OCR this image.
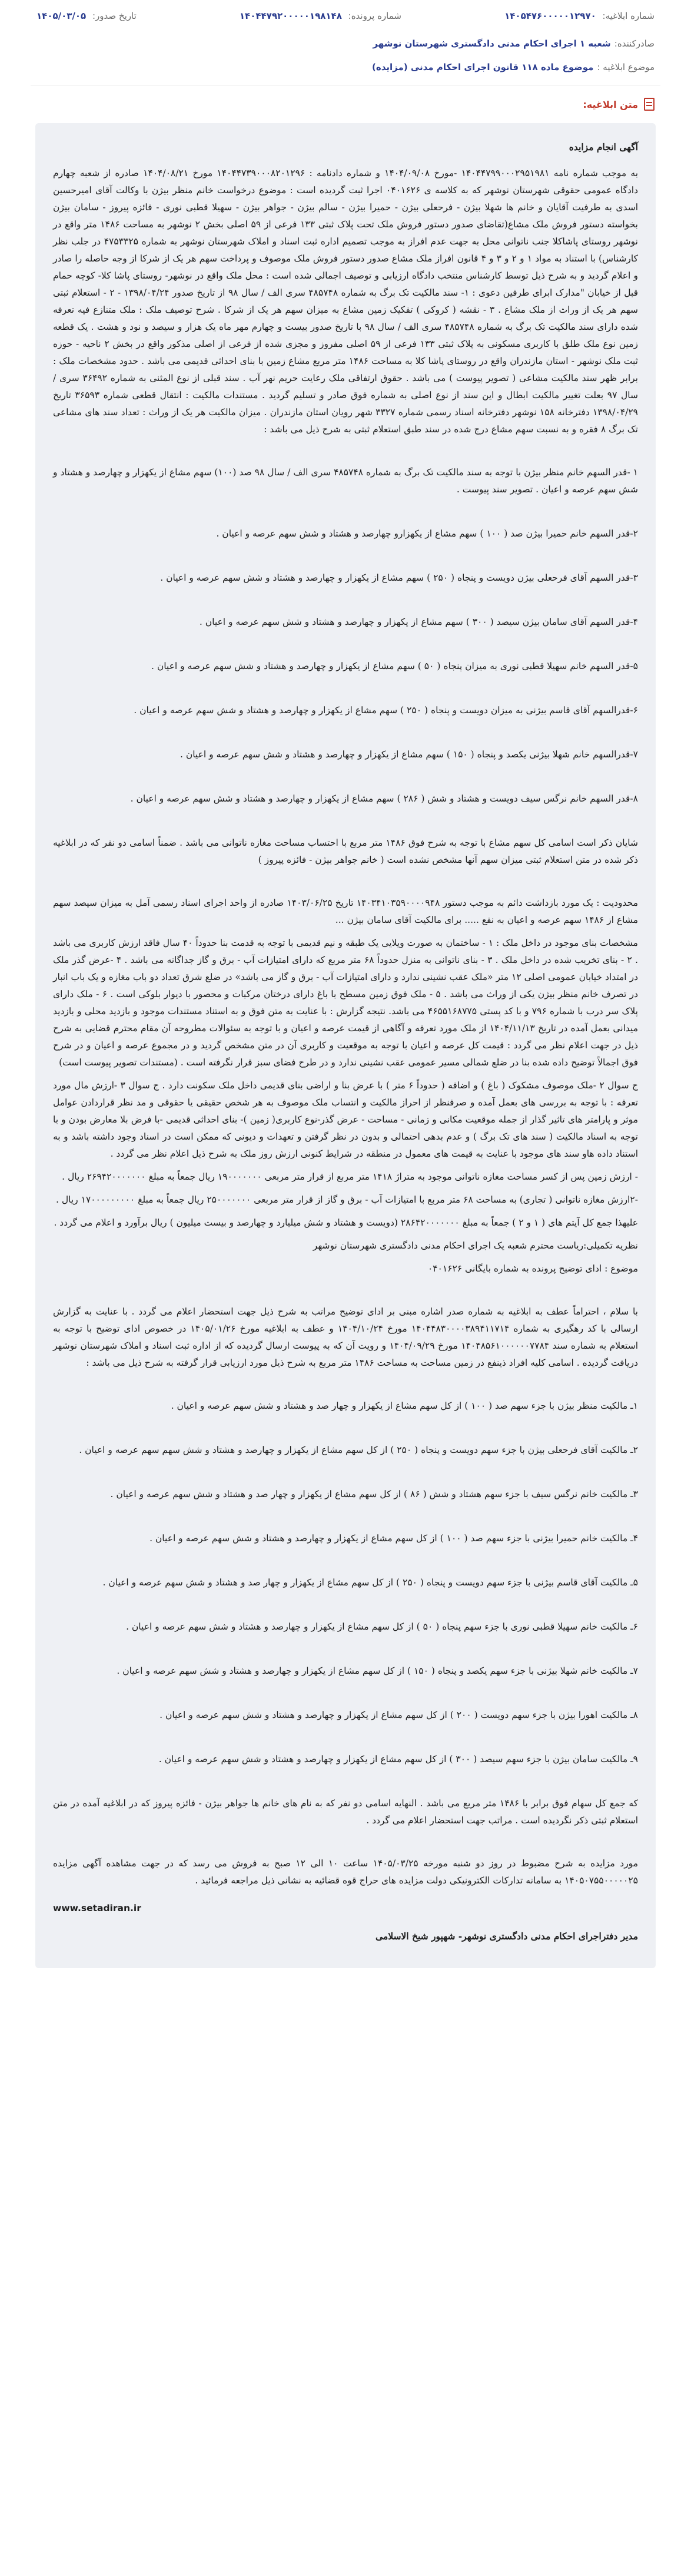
شماره ابلاغیه: ۱۴۰۵۴۷۶۰۰۰۰۰۱۲۹۷۰
شماره پرونده: ۱۴۰۴۴۷۹۲۰۰۰۰۰۱۹۸۱۴۸
تاریخ صدور: ۱۴۰۵/۰۳/۰۵
صادرکننده:
شعبه ۱ اجرای احکام مدنی دادگستری شهرستان نوشهر
موضوع ابلاغیه :
موضوع ماده ۱۱۸ قانون اجرای احکام مدنی (مزایده)
متن ابلاغیه:
آگهی انجام مزایده

به موجب شماره نامه ۱۴۰۴۴۷۹۹۰۰۰۲۹۵۱۹۸۱ -مورخ ۱۴۰۴/۰۹/۰۸ و شماره دادنامه : ۱۴۰۴۴۷۳۹۰۰۰۸۲۰۱۲۹۶ مورخ ۱۴۰۴/۰۸/۲۱ صادره از شعبه چهارم دادگاه عمومی حقوقی شهرستان نوشهر که به کلاسه ی ۰۴۰۱۶۲۶ اجرا ثبت گردیده است : موضوع درخواست خانم منظر بیژن با وکالت آقای امیرحسین اسدی به طرفیت آقایان و خانم ها شهلا بیژن - فرحعلی بیژن - حمیرا بیژن - سالم بیژن - جواهر بیژن - سهیلا قطبی نوری - فائزه پیروز - سامان بیژن بخواسته دستور فروش ملک مشاع(تقاضای صدور دستور فروش ملک تحت پلاک ثبتی ۱۳۳ فرعی از ۵۹ اصلی بخش ۲ نوشهر به مساحت ۱۴۸۶ متر واقع در نوشهر روستای پاشاکلا جنب ناتوانی محل به جهت عدم افراز به موجب تصمیم اداره ثبت اسناد و املاک شهرستان نوشهر به شماره ۴۷۵۳۳۲۵ در جلب نظر کارشناس) با استناد به مواد ۱ و ۲ و ۳ و ۴ قانون افراز ملک مشاع صدور دستور فروش ملک موصوف و پرداخت سهم هر یک از شرکا از وجه حاصله را صادر و اعلام گردید و به شرح ذیل توسط کارشناس منتخب دادگاه ارزیابی و توصیف اجمالی شده است : محل ملک واقع در نوشهر- روستای پاشا کلا- کوچه حمام قبل از خیابان "مدارک ابرای طرفین دعوی : ۱- سند مالکیت تک برگ به شماره ۴۸۵۷۴۸ سری الف / سال ۹۸ از تاریخ صدور ۱۳۹۸/۰۴/۲۴ - ۲ - استعلام ثبتی سهم هر یک از وراث از ملک مشاع . ۳ - نقشه ( کروکی ) تفکیک زمین مشاع به میزان سهم هر یک از شرکا . شرح توصیف ملک : ملک متنازع فیه تعرفه شده دارای سند مالکیت تک برگ به شماره ۴۸۵۷۴۸ سری الف / سال ۹۸ با تاریخ صدور بیست و چهارم مهر ماه یک هزار و سیصد و نود و هشت . یک قطعه زمین نوع ملک طلق با کاربری مسکونی به پلاک ثبتی ۱۳۳ فرعی از ۵۹ اصلی مفروز و مجزی شده از فرعی از اصلی مذکور واقع در بخش ۲ ناحیه - حوزه ثبت ملک نوشهر - استان مازندران واقع در روستای پاشا کلا به مساحت ۱۴۸۶ متر مربع مشاع زمین با بنای احداثی قدیمی می باشد . حدود مشخصات ملک : برابر ظهر سند مالکیت مشاعی ( تصویر پیوست ) می باشد . حقوق ارتفاقی ملک رعایت حریم نهر آب . سند قبلی از نوع المثنی به شماره ۳۶۴۹۲ سری / سال ۹۷ بعلت تغییر مالکیت ابطال و این سند از نوع اصلی به شماره فوق صادر و تسلیم گردید . مستندات مالکیت : انتقال قطعی شماره ۳۶۵۹۳ تاریخ ۱۳۹۸/۰۴/۲۹ دفترخانه ۱۵۸ نوشهر دفترخانه اسناد رسمی شماره ۳۳۲۷ شهر رویان استان مازندران . میزان مالکیت هر یک از وراث : تعداد سند های مشاعی تک برگ ۸ فقره و به نسبت سهم مشاع درج شده در سند طبق استعلام ثبتی به شرح ذیل می باشد :

۱ -قدر السهم خانم منظر بیژن با توجه به سند مالکیت تک برگ به شماره ۴۸۵۷۴۸ سری الف / سال ۹۸ صد (۱۰۰) سهم مشاع از یکهزار و چهارصد و هشتاد و شش سهم عرصه و اعیان . تصویر سند پیوست .

۲-قدر السهم خانم حمیرا بیژن صد ( ۱۰۰ ) سهم مشاع از یکهزارو چهارصد و هشتاد و شش سهم عرصه و اعیان .

۳-قدر السهم آقای فرحعلی بیژن دویست و پنجاه ( ۲۵۰ ) سهم مشاع از یکهزار و چهارصد و هشتاد و شش سهم عرصه و اعیان .

۴-قدر السهم آقای سامان بیژن سیصد ( ۳۰۰ ) سهم مشاع از یکهزار و چهارصد و هشتاد و شش سهم عرصه و اعیان .

۵-قدر السهم خانم سهیلا قطبی نوری به میزان پنجاه ( ۵۰ ) سهم مشاع از یکهزار و چهارصد و هشتاد و شش سهم عرصه و اعیان .

۶-قدرالسهم آقای قاسم بیژنی به میزان دویست و پنجاه ( ۲۵۰ ) سهم مشاع از یکهزار و چهارصد و هشتاد و شش سهم عرصه و اعیان .

۷-قدرالسهم خانم شهلا بیژنی یکصد و پنجاه ( ۱۵۰ ) سهم مشاع از یکهزار و چهارصد و هشتاد و شش سهم عرصه و اعیان .

۸-قدر السهم خانم نرگس سیف دویست و هشتاد و شش ( ۲۸۶ ) سهم مشاع از یکهزار و چهارصد و هشتاد و شش سهم عرصه و اعیان .

شایان ذکر است اسامی کل سهم مشاع با توجه به شرح فوق ۱۴۸۶ متر مربع با احتساب مساحت مغازه ناتوانی می باشد . ضمناً اسامی دو نفر که در ابلاغیه ذکر شده در متن استعلام ثبتی میزان سهم آنها مشخص نشده است ( خانم جواهر بیژن - فائزه پیروز )

محدودیت : یک مورد بازداشت دائم به موجب دستور ۱۴۰۳۴۱۰۳۵۹۰۰۰۰۹۴۸ تاریخ ۱۴۰۳/۰۶/۲۵ صادره از واحد اجرای اسناد رسمی آمل به میزان سیصد سهم مشاع از ۱۴۸۶ سهم عرصه و اعیان به نفع ..... برای مالکیت آقای سامان بیژن ...

مشخصات بنای موجود در داخل ملک : ۱ - ساختمان به صورت ویلایی یک طبقه و نیم قدیمی با توجه به قدمت بنا حدوداً ۴۰ سال فاقد ارزش کاربری می باشد . ۲ - بنای تخریب شده در داخل ملک . ۳ - بنای ناتوانی به منزل حدوداً ۶۸ متر مربع که دارای امتیازات آب - برق و گاز جداگانه می باشد . ۴ -عرض گذر ملک در امتداد خیابان عمومی اصلی ۱۲ متر «ملک عقب نشینی ندارد و دارای امتیازات آب - برق و گاز می باشد» در ضلع شرق تعداد دو باب مغازه و یک باب انبار در تصرف خانم منظر بیژن یکی از وراث می باشد . ۵ - ملک فوق زمین مسطح با باغ دارای درختان مرکبات و محصور با دیوار بلوکی است . ۶ - ملک دارای پلاک سر درب با شماره ۷۹۶ و با کد پستی ۴۶۵۵۱۶۸۷۷۵ می باشد. نتیجه گزارش : با عنایت به متن فوق و به استناد مستندات موجود و بازدید محلی و بازدید میدانی بعمل آمده در تاریخ ۱۴۰۴/۱۱/۱۳ از ملک مورد تعرفه و آگاهی از قیمت عرصه و اعیان و با توجه به سئوالات مطروحه آن مقام محترم قضایی به شرح ذیل در جهت اعلام نظر می گردد : قیمت کل عرصه و اعیان با توجه به موقعیت و کاربری آن در متن مشخص گردید و در مجموع عرصه و اعیان و در شرح فوق اجمالاً توضیح داده شده بنا در ضلع شمالی مسیر عمومی عقب نشینی ندارد و در طرح فضای سبز قرار نگرفته است . (مستندات تصویر پیوست است)

ج سوال ۲ -ملک موصوف مشکوک ( باغ ) و اضافه ( حدوداً ۶ متر ) با عرض بنا و اراضی بنای قدیمی داخل ملک سکونت دارد . ج سوال ۳ -ارزش مال مورد تعرفه : با توجه به بررسی های بعمل آمده و صرفنظر از احراز مالکیت و انتساب ملک موصوف به هر شخص حقیقی یا حقوقی و مد نظر قراردادن عوامل موثر و پارامتر های تاثیر گذار از جمله موقعیت مکانی و زمانی - مساحت - عرض گذر-نوع کاربری( زمین )- بنای احداثی قدیمی -با فرض بلا معارض بودن و با توجه به اسناد مالکیت ( سند های تک برگ ) و عدم بدهی احتمالی و بدون در نظر گرفتن و تعهدات و دیونی که ممکن است در اسناد وجود داشته باشد و به استناد داده هاو سند های موجود با عنایت به قیمت های معمول در منطقه در شرایط کنونی ارزش روز ملک به شرح ذیل اعلام نظر می گردد .

- ارزش زمین پس از کسر مساحت مغازه ناتوانی موجود به متراژ ۱۴۱۸ متر مربع از قرار متر مربعی ۱۹۰۰۰۰۰۰۰ ریال جمعاً به مبلغ ۲۶۹۴۲۰۰۰۰۰۰۰ ریال .

-۲ارزش مغازه ناتوانی ( تجاری) به مساحت ۶۸ متر مربع با امتیازات آب - برق و گاز از قرار متر مربعی ۲۵۰۰۰۰۰۰۰ ریال جمعاً به مبلغ ۱۷۰۰۰۰۰۰۰۰۰ ریال .

علیهذا جمع کل آیتم های ( ۱ و ۲ ) جمعاً به مبلغ ۲۸۶۴۲۰۰۰۰۰۰۰ (دویست و هشتاد و شش میلیارد و چهارصد و بیست میلیون ) ریال برآورد و اعلام می گردد .

نظریه تکمیلی:ریاست محترم شعبه یک اجرای احکام مدنی دادگستری شهرستان نوشهر

موضوع : ادای توضیح پرونده به شماره بایگانی ۰۴۰۱۶۲۶

با سلام ، احتراماً عطف به ابلاغیه به شماره صدر اشاره مبنی بر ادای توضیح مراتب به شرح ذیل جهت استحضار اعلام می گردد . با عنایت به گزارش ارسالی با کد رهگیری به شماره ۱۴۰۴۴۸۳۰۰۰۰۳۸۹۴۱۱۷۱۴ مورخ ۱۴۰۴/۱۰/۲۴ و عطف به ابلاغیه مورخ ۱۴۰۵/۰۱/۲۶ در خصوص ادای توضیح با توجه به استعلام به شماره سند ۱۴۰۴۸۵۶۱۰۰۰۰۰۰۷۷۸۴ مورخ ۱۴۰۴/۰۹/۲۹ و رویت آن که به پیوست ارسال گردیده که از اداره ثبت اسناد و املاک شهرستان نوشهر دریافت گردیده . اسامی کلیه افراد ذینفع در زمین مساحت به مساحت ۱۴۸۶ متر مربع به شرح ذیل مورد ارزیابی قرار گرفته به شرح ذیل می باشد :

۱ـ مالکیت منظر بیژن با جزء سهم صد ( ۱۰۰ ) از کل سهم مشاع از یکهزار و چهار صد و هشتاد و شش سهم عرصه و اعیان .

۲ـ مالکیت آقای فرحعلی بیژن با جزء سهم دویست و پنجاه ( ۲۵۰ ) از کل سهم مشاع از یکهزار و چهارصد و هشتاد و شش سهم سهم عرصه و اعیان .

۳ـ مالکیت خانم نرگس سیف با جزء سهم هشتاد و شش ( ۸۶ ) از کل سهم مشاع از یکهزار و چهار صد و هشتاد و شش سهم عرصه و اعیان .

۴ـ مالکیت خانم حمیرا بیژنی با جزء سهم صد ( ۱۰۰ ) از کل سهم مشاع از یکهزار و چهارصد و هشتاد و شش سهم عرصه و اعیان .

۵ـ مالکیت آقای قاسم بیژنی با جزء سهم دویست و پنجاه ( ۲۵۰ ) از کل سهم مشاع از یکهزار و چهار صد و هشتاد و شش سهم عرصه و اعیان .

۶ـ مالکیت خانم سهیلا قطبی نوری با جزء سهم پنجاه ( ۵۰ ) از کل سهم مشاع از یکهزار و چهارصد و هشتاد و شش سهم عرصه و اعیان .

۷ـ مالکیت خانم شهلا بیژنی با جزء سهم یکصد و پنجاه ( ۱۵۰ ) از کل سهم مشاع از یکهزار و چهارصد و هشتاد و شش سهم عرصه و اعیان .

۸ـ مالکیت اهورا بیژن با جزء سهم دویست ( ۲۰۰ ) از کل سهم مشاع از یکهزار و چهارصد و هشتاد و شش سهم عرصه و اعیان .

۹ـ مالکیت سامان بیژن با جزء سهم سیصد ( ۳۰۰ ) از کل سهم مشاع از یکهزار و چهارصد و هشتاد و شش سهم عرصه و اعیان .

که جمع کل سهام فوق برابر با ۱۴۸۶ متر مربع می باشد . النهایه اسامی دو نفر که به نام های خانم ها جواهر بیژن - فائزه پیروز که در ابلاغیه آمده در متن استعلام ثبتی ذکر نگردیده است . مراتب جهت استحضار اعلام می گردد .

مورد مزایده به شرح مضبوط در روز دو شنبه مورخه ۱۴۰۵/۰۳/۲۵ ساعت ۱۰ الی ۱۲ صبح به فروش می رسد که در جهت مشاهده آگهی مزایده ۱۴۰۵۰۷۵۵۰۰۰۰۰۲۵ به سامانه تدارکات الکترونیکی دولت مزایده های حراج قوه قضائیه به نشانی ذیل مراجعه فرمائید .

www.setadiran.ir
مدیر دفتراجرای احکام مدنی دادگستری نوشهر- شهپور شیخ الاسلامی
